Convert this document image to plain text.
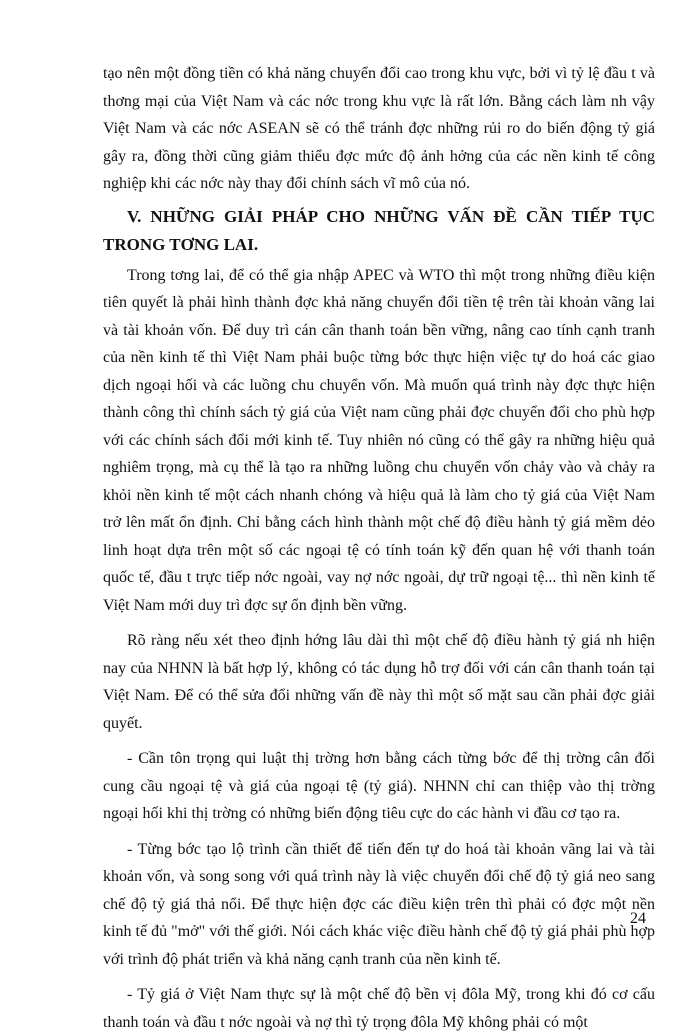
tạo nên một đồng tiền có khả năng chuyển đổi cao trong khu vực, bởi vì tỷ lệ đầu t và thơng mại của Việt Nam và các nớc trong khu vực là rất lớn. Bằng cách làm nh vậy Việt Nam và các nớc ASEAN sẽ có thể tránh đợc những rủi ro do biến động tỷ giá gây ra, đồng thời cũng giảm thiểu đợc mức độ ảnh hởng của các nền kinh tế công nghiệp khi các nớc này thay đổi chính sách vĩ mô của nó.

V. NHỮNG GIẢI PHÁP CHO NHỮNG VẤN ĐỀ CẦN TIẾP TỤC TRONG TƠNG LAI.

Trong tơng lai, để có thể gia nhập APEC và WTO thì một trong những điều kiện tiên quyết là phải hình thành đợc khả năng chuyển đổi tiền tệ trên tài khoản vãng lai và tài khoản vốn. Để duy trì cán cân thanh toán bền vững, nâng cao tính cạnh tranh của nền kinh tế thì Việt Nam phải buộc từng bớc thực hiện việc tự do hoá các giao dịch ngoại hối và các luồng chu chuyển vốn. Mà muốn quá trình này đợc thực hiện thành công thì chính sách tỷ giá của Việt nam cũng phải đợc chuyển đổi cho phù hợp với các chính sách đổi mới kinh tế. Tuy nhiên nó cũng có thể gây ra những hiệu quả nghiêm trọng, mà cụ thể là tạo ra những luồng chu chuyển vốn chảy vào và chảy ra khỏi nền kinh tế một cách nhanh chóng và hiệu quả là làm cho tỷ giá của Việt Nam trở lên mất ổn định. Chỉ bằng cách hình thành một chế độ điều hành tỷ giá mềm dẻo linh hoạt dựa trên một số các ngoại tệ có tính toán kỹ đến quan hệ với thanh toán quốc tế, đầu t trực tiếp nớc ngoài, vay nợ nớc ngoài, dự trữ ngoại tệ... thì nền kinh tế Việt Nam mới duy trì đợc sự ổn định bền vững.

Rõ ràng nếu xét theo định hớng lâu dài thì một chế độ điều hành tỷ giá nh hiện nay của NHNN là bất hợp lý, không có tác dụng hỗ trợ đối với cán cân thanh toán tại Việt Nam. Để có thể sửa đổi những vấn đề này thì một số mặt sau cần phải đợc giải quyết.

- Cần tôn trọng qui luật thị trờng hơn bằng cách từng bớc để thị trờng cân đối cung cầu ngoại tệ và giá của ngoại tệ (tỷ giá). NHNN chỉ can thiệp vào thị trờng ngoại hối khi thị trờng có những biến động tiêu cực do các hành vi đầu cơ tạo ra.

- Từng bớc tạo lộ trình cần thiết để tiến đến tự do hoá tài khoản vãng lai và tài khoản vốn, và song song với quá trình này là việc chuyển đổi chế độ tỷ giá neo sang chế độ tỷ giá thả nổi. Để thực hiện đợc các điều kiện trên thì phải có đợc một nền kinh tế đủ "mở" với thế giới. Nói cách khác việc điều hành chế độ tỷ giá phải phù hợp với trình độ phát triển và khả năng cạnh tranh của nền kinh tế.

- Tỷ giá ở Việt Nam thực sự là một chế độ bền vị đôla Mỹ, trong khi đó cơ cấu thanh toán và đầu t nớc ngoài và nợ thì tỷ trọng đôla Mỹ không phải có một

24
